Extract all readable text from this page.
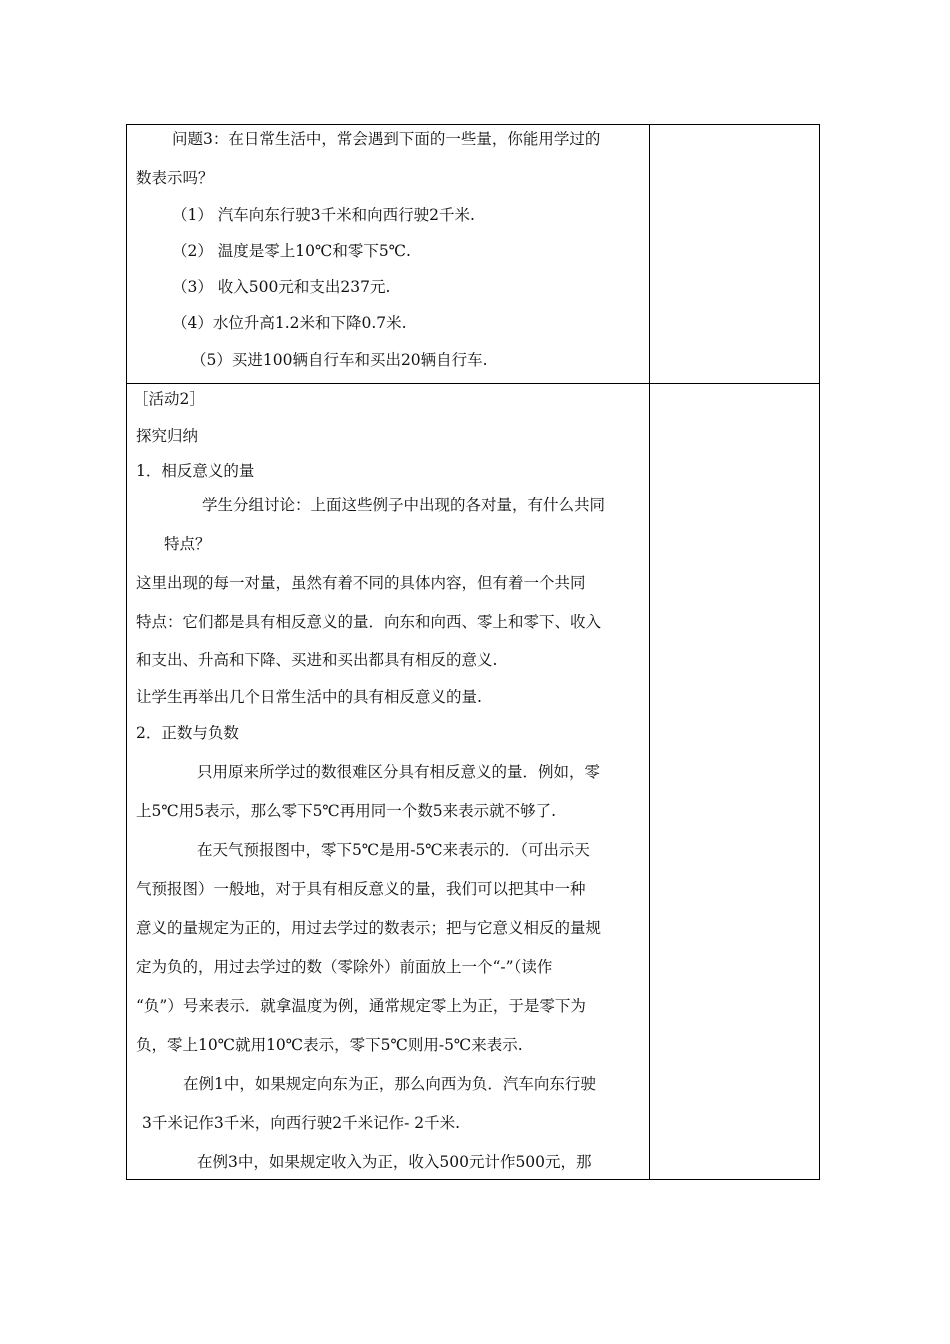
问题3：在日常生活中，常会遇到下面的一些量，你能用学过的
数表示吗？
（1） 汽车向东行驶3千米和向西行驶2千米.
（2） 温度是零上10℃和零下5℃.
（3） 收入500元和支出237元.
（4）水位升高1.2米和下降0.7米.
（5）买进100辆自行车和买出20辆自行车.
［活动2］
探究归纳
1．相反意义的量
学生分组讨论：上面这些例子中出现的各对量，有什么共同
特点？
这里出现的每一对量，虽然有着不同的具体内容，但有着一个共同
特点：它们都是具有相反意义的量．向东和向西、零上和零下、收入
和支出、升高和下降、买进和买出都具有相反的意义.
让学生再举出几个日常生活中的具有相反意义的量.
2．正数与负数
只用原来所学过的数很难区分具有相反意义的量．例如，零
上5℃用5表示，那么零下5℃再用同一个数5来表示就不够了.
在天气预报图中，零下5℃是用-5℃来表示的．（可出示天
气预报图）一般地，对于具有相反意义的量，我们可以把其中一种
意义的量规定为正的，用过去学过的数表示；把与它意义相反的量规
定为负的，用过去学过的数（零除外）前面放上一个“-”（读作
“负”）号来表示．就拿温度为例，通常规定零上为正，于是零下为
负，零上10℃就用10℃表示，零下5℃则用-5℃来表示.
在例1中，如果规定向东为正，那么向西为负．汽车向东行驶
3千米记作3千米，向西行驶2千米记作- 2千米.
在例3中，如果规定收入为正，收入500元计作500元，那
